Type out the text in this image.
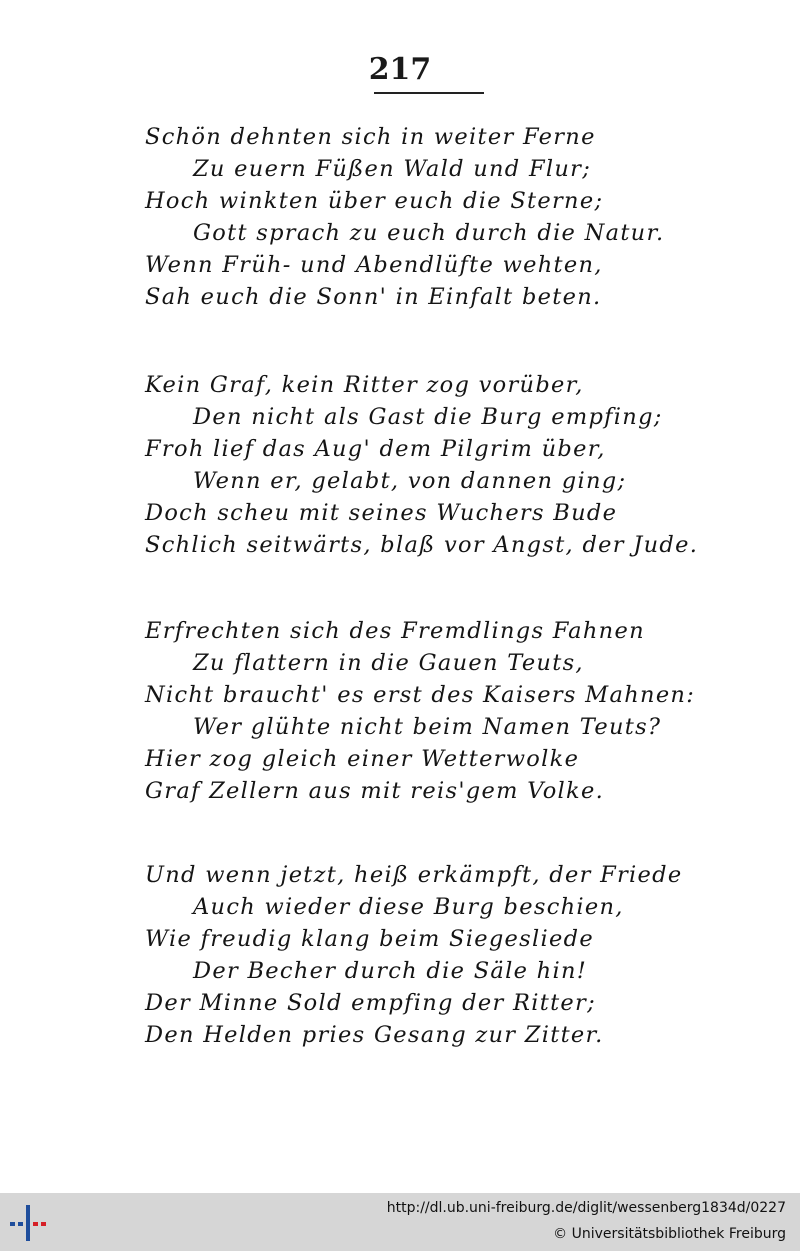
217
Schön dehnten sich in weiter Ferne
Zu euern Füßen Wald und Flur;
Hoch winkten über euch die Sterne;
Gott sprach zu euch durch die Natur.
Wenn Früh- und Abendlüfte wehten,
Sah euch die Sonn' in Einfalt beten.
Kein Graf, kein Ritter zog vorüber,
Den nicht als Gast die Burg empfing;
Froh lief das Aug' dem Pilgrim über,
Wenn er, gelabt, von dannen ging;
Doch scheu mit seines Wuchers Bude
Schlich seitwärts, blaß vor Angst, der Jude.
Erfrechten sich des Fremdlings Fahnen
Zu flattern in die Gauen Teuts,
Nicht braucht' es erst des Kaisers Mahnen:
Wer glühte nicht beim Namen Teuts?
Hier zog gleich einer Wetterwolke
Graf Zellern aus mit reis'gem Volke.
Und wenn jetzt, heiß erkämpft, der Friede
Auch wieder diese Burg beschien,
Wie freudig klang beim Siegesliede
Der Becher durch die Säle hin!
Der Minne Sold empfing der Ritter;
Den Helden pries Gesang zur Zitter.
http://dl.ub.uni-freiburg.de/diglit/wessenberg1834d/0227
© Universitätsbibliothek Freiburg
